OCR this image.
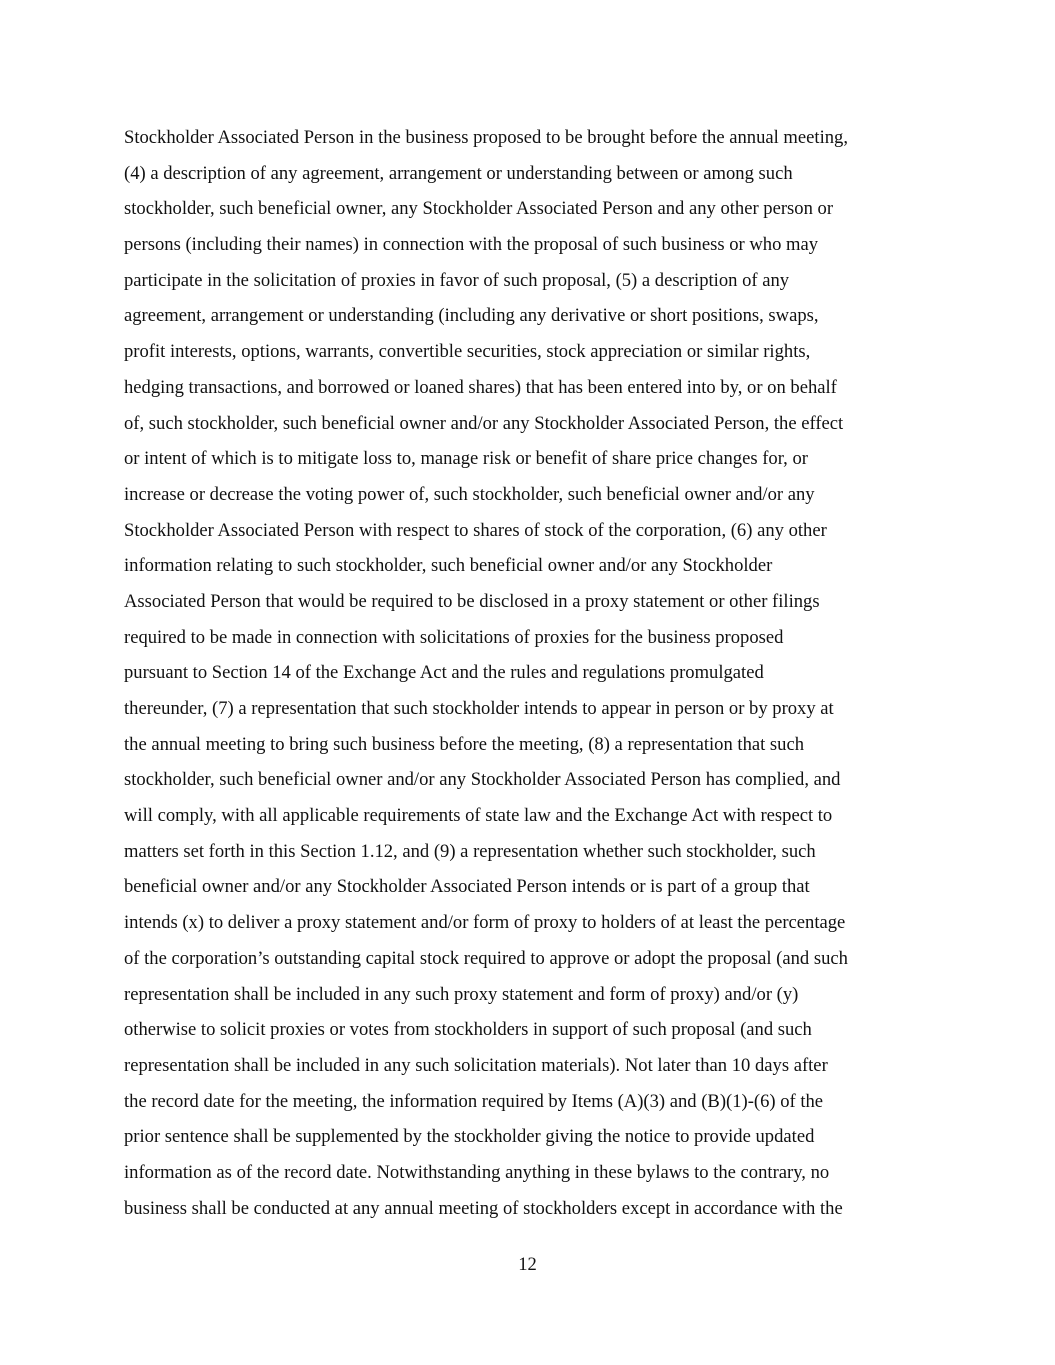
Stockholder Associated Person in the business proposed to be brought before the annual meeting,
(4) a description of any agreement, arrangement or understanding between or among such
stockholder, such beneficial owner, any Stockholder Associated Person and any other person or
persons (including their names) in connection with the proposal of such business or who may
participate in the solicitation of proxies in favor of such proposal, (5) a description of any
agreement, arrangement or understanding (including any derivative or short positions, swaps,
profit interests, options, warrants, convertible securities, stock appreciation or similar rights,
hedging transactions, and borrowed or loaned shares) that has been entered into by, or on behalf
of, such stockholder, such beneficial owner and/or any Stockholder Associated Person, the effect
or intent of which is to mitigate loss to, manage risk or benefit of share price changes for, or
increase or decrease the voting power of, such stockholder, such beneficial owner and/or any
Stockholder Associated Person with respect to shares of stock of the corporation, (6) any other
information relating to such stockholder, such beneficial owner and/or any Stockholder
Associated Person that would be required to be disclosed in a proxy statement or other filings
required to be made in connection with solicitations of proxies for the business proposed
pursuant to Section 14 of the Exchange Act and the rules and regulations promulgated
thereunder, (7) a representation that such stockholder intends to appear in person or by proxy at
the annual meeting to bring such business before the meeting, (8) a representation that such
stockholder, such beneficial owner and/or any Stockholder Associated Person has complied, and
will comply, with all applicable requirements of state law and the Exchange Act with respect to
matters set forth in this Section 1.12, and (9) a representation whether such stockholder, such
beneficial owner and/or any Stockholder Associated Person intends or is part of a group that
intends (x) to deliver a proxy statement and/or form of proxy to holders of at least the percentage
of the corporation’s outstanding capital stock required to approve or adopt the proposal (and such
representation shall be included in any such proxy statement and form of proxy) and/or (y)
otherwise to solicit proxies or votes from stockholders in support of such proposal (and such
representation shall be included in any such solicitation materials). Not later than 10 days after
the record date for the meeting, the information required by Items (A)(3) and (B)(1)-(6) of the
prior sentence shall be supplemented by the stockholder giving the notice to provide updated
information as of the record date. Notwithstanding anything in these bylaws to the contrary, no
business shall be conducted at any annual meeting of stockholders except in accordance with the
12
